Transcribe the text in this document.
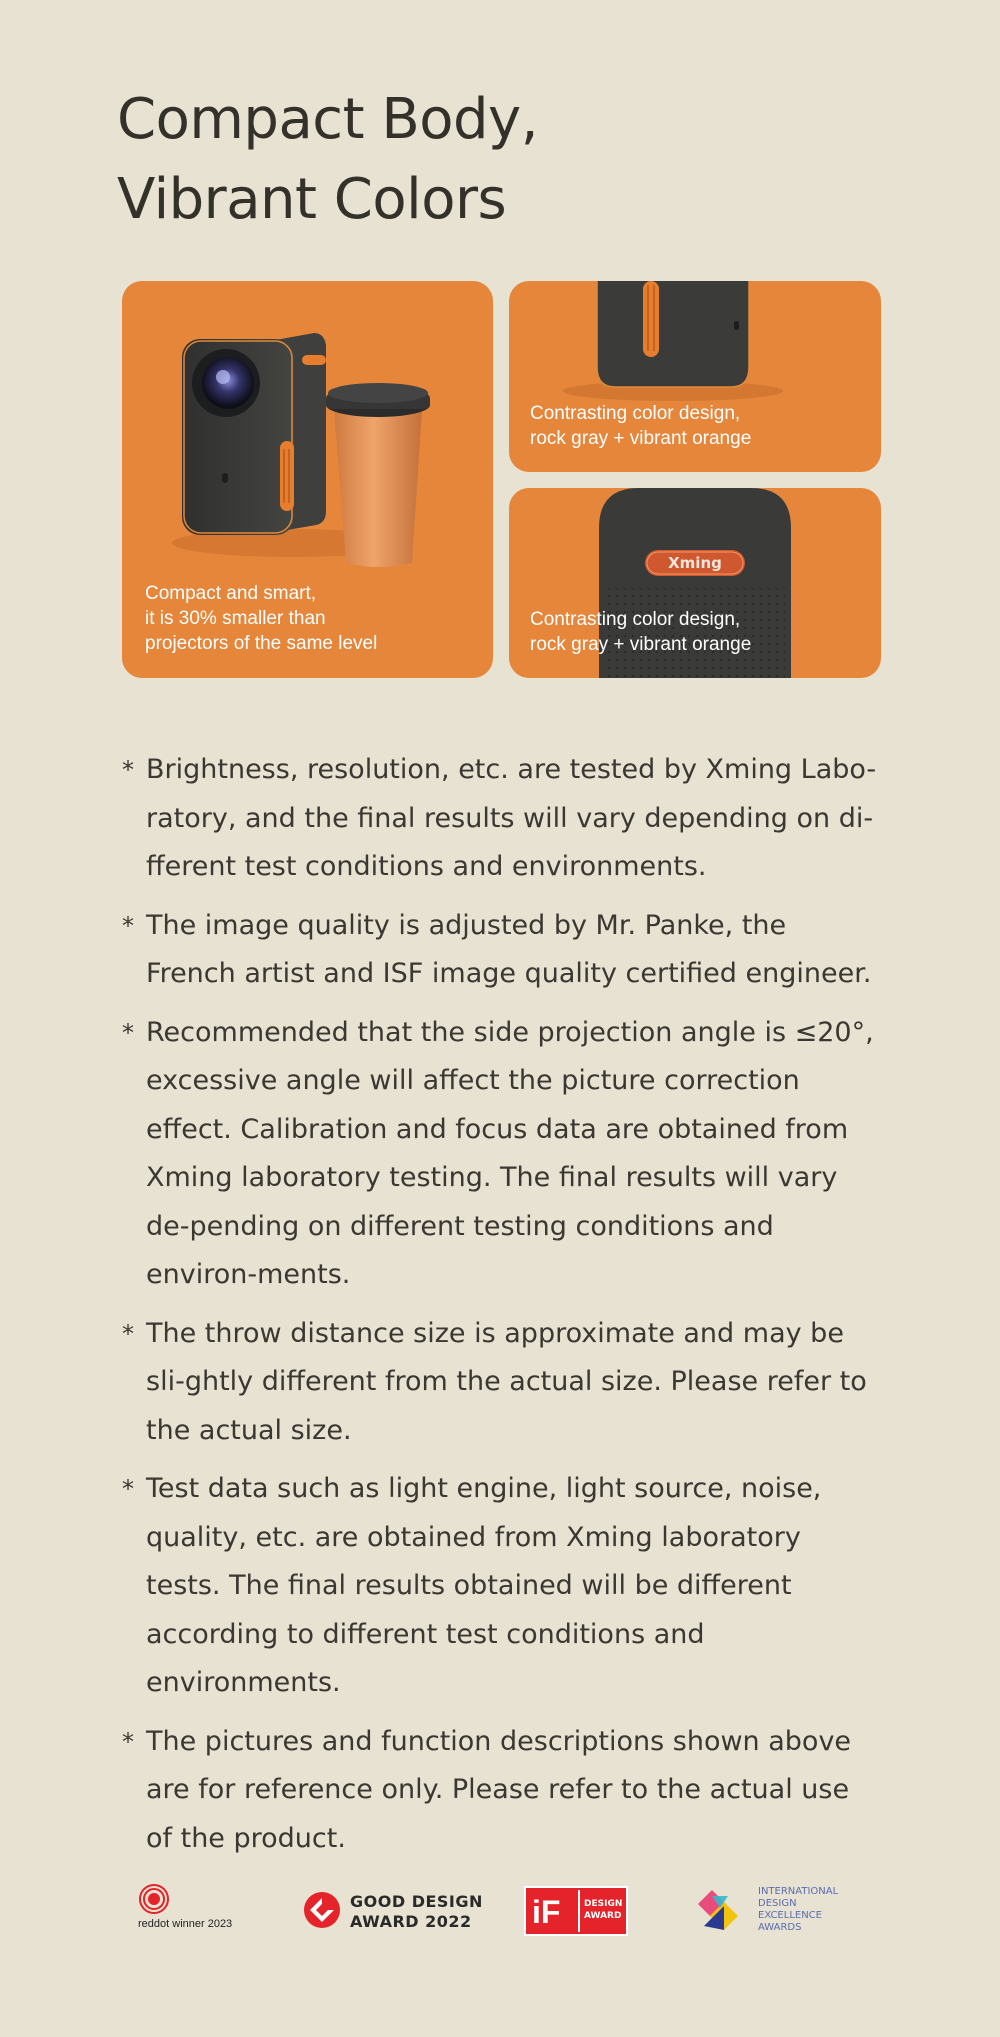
Compact Body,
Vibrant Colors
Compact and smart,
it is 30% smaller than
projectors of the same level
Contrasting color design,
rock gray + vibrant orange
Xming
Contrasting color design,
rock gray + vibrant orange
* Brightness, resolution, etc. are tested by Xming Labo-ratory, and the final results will vary depending on di-fferent test conditions and environments.
* The image quality is adjusted by Mr. Panke, the French artist and ISF image quality certified engineer.
* Recommended that the side projection angle is ≤20°, excessive angle will affect the picture correction effect. Calibration and focus data are obtained from Xming laboratory testing. The final results will vary de-pending on different testing conditions and environ-ments.
* The throw distance size is approximate and may be sli-ghtly different from the actual size. Please refer to the actual size.
* Test data such as light engine, light source, noise, quality, etc. are obtained from Xming laboratory tests. The final results obtained will be different according to different test conditions and environments.
* The pictures and function descriptions shown above are for reference only. Please refer to the actual use of the product.
reddot winner 2023
GOOD DESIGN
AWARD 2022 iF	DESIGN
AWARD
INTERNATIONAL
DESIGN
EXCELLENCE
AWARDS
